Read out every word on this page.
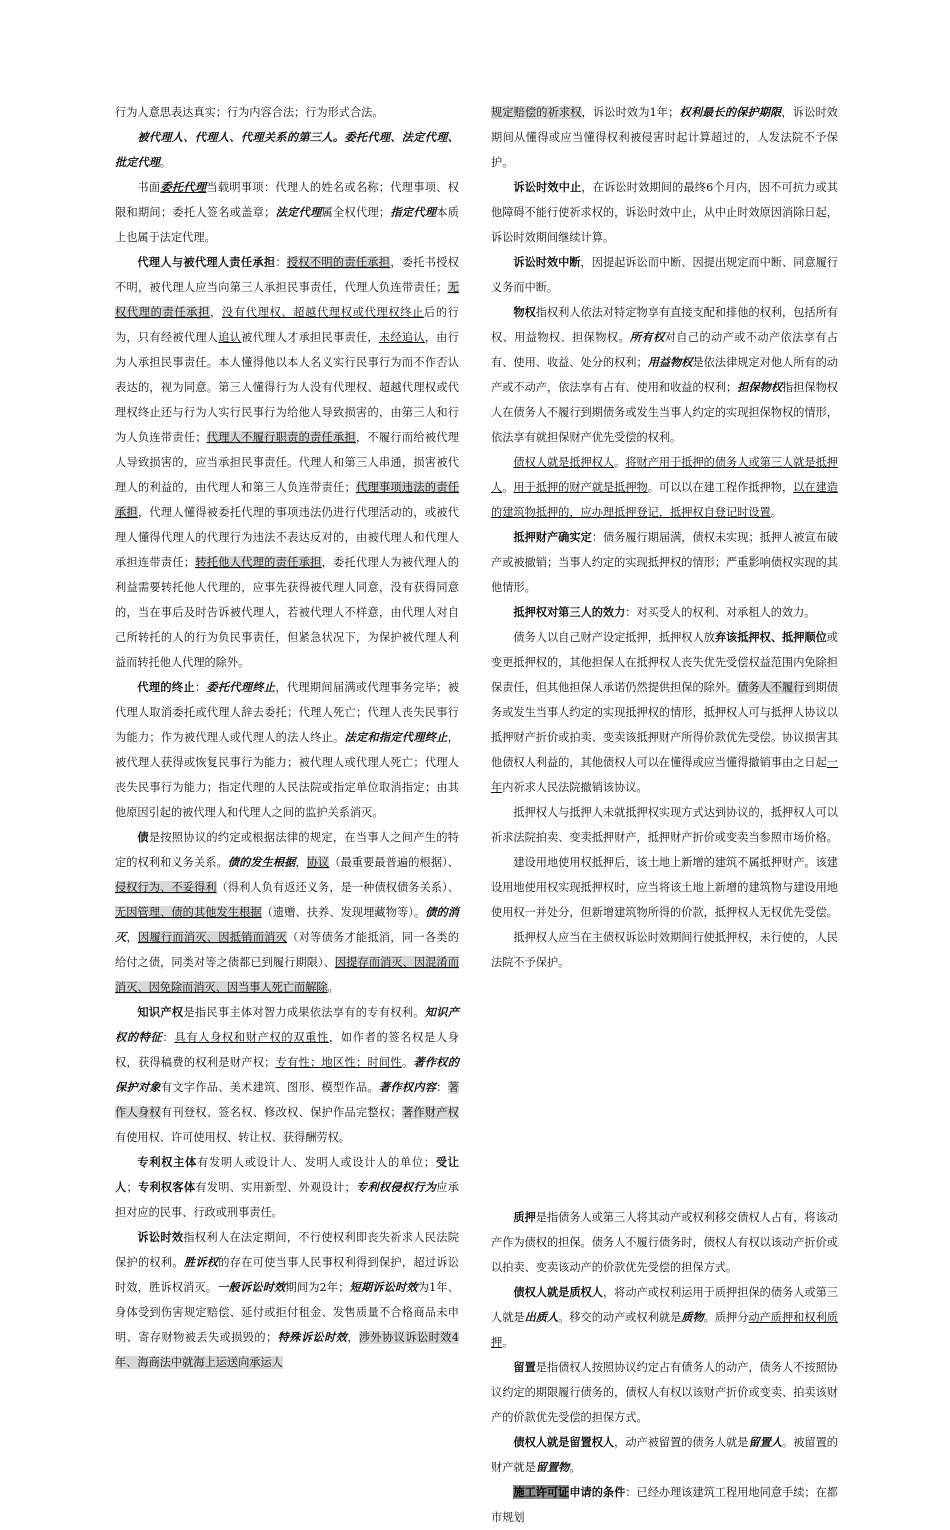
行为人意思表达真实；行为内容合法；行为形式合法。

被代理人、代理人、代理关系的第三人。委托代理、法定代理、批定代理。

书面委托代理当载明事项：代理人的姓名或名称；代理事项、权限和期间；委托人签名或盖章；法定代理属全权代理；指定代理本质上也属于法定代理。

代理人与被代理人责任承担：授权不明的责任承担，委托书授权不明，被代理人应当向第三人承担民事责任，代理人负连带责任；无权代理的责任承担，没有代理权、超越代理权或代理权终止后的行为，只有经被代理人追认被代理人才承担民事责任，未经追认，由行为人承担民事责任。本人懂得他以本人名义实行民事行为而不作否认表达的，视为同意。第三人懂得行为人没有代理权、超越代理权或代理权终止还与行为人实行民事行为给他人导致损害的，由第三人和行为人负连带责任；代理人不履行职责的责任承担，不履行而给被代理人导致损害的，应当承担民事责任。代理人和第三人串通，损害被代理人的利益的，由代理人和第三人负连带责任；代理事项违法的责任承担，代理人懂得被委托代理的事项违法仍进行代理活动的，或被代理人懂得代理人的代理行为违法不表达反对的，由被代理人和代理人承担连带责任；转托他人代理的责任承担，委托代理人为被代理人的利益需要转托他人代理的，应事先获得被代理人同意，没有获得同意的，当在事后及时告诉被代理人，若被代理人不样意，由代理人对自己所转托的人的行为负民事责任，但紧急状况下，为保护被代理人利益而转托他人代理的除外。

代理的终止：委托代理终止，代理期间届满或代理事务完毕；被代理人取消委托或代理人辞去委托；代理人死亡；代理人丧失民事行为能力；作为被代理人或代理人的法人终止。法定和指定代理终止，被代理人获得或恢复民事行为能力；被代理人或代理人死亡；代理人丧失民事行为能力；指定代理的人民法院或指定单位取消指定；由其他原因引起的被代理人和代理人之间的监护关系消灭。

债是按照协议的约定或根据法律的规定，在当事人之间产生的特定的权利和义务关系。债的发生根据，协议（最重要最普遍的根据）、侵权行为、不妥得利（得利人负有返还义务，是一种债权债务关系）、无因管理、债的其他发生根据（遗赠、扶养、发现埋藏物等）。债的消灭，因履行而消灭、因抵销而消灭（对等债务才能抵消，同一各类的给付之债，同类对等之债都已到履行期限）、因提存而消灭、因混淆而消灭、因免除而消灭、因当事人死亡而解除。

知识产权是指民事主体对智力成果依法享有的专有权利。知识产权的特征：具有人身权和财产权的双重性，如作者的签名权是人身权，获得稿费的权利是财产权；专有性；地区性；时间性。著作权的保护对象有文字作品、美术建筑、图形、模型作品。著作权内容：著作人身权有刊登权、签名权、修改权、保护作品完整权；著作财产权有使用权、许可使用权、转让权、获得酬劳权。

专利权主体有发明人或设计人、发明人或设计人的单位；受让人；专利权客体有发明、实用新型、外观设计；专利权侵权行为应承担对应的民事、行政或刑事责任。

诉讼时效指权利人在法定期间，不行使权利即丧失祈求人民法院保护的权利。胜诉权的存在可使当事人民事权利得到保护，超过诉讼时效，胜诉权消灭。一般诉讼时效期间为2年；短期诉讼时效为1年、身体受到伤害规定赔偿、延付或拒付租金、发售质量不合格商品未申明、寄存财物被丢失或损毁的；特殊诉讼时效，涉外协议诉讼时效4年、海商法中就海上运送向承运人

规定赔偿的祈求权，诉讼时效为1年；权利最长的保护期限，诉讼时效期间从懂得或应当懂得权利被侵害时起计算超过的，人发法院不予保护。

诉讼时效中止，在诉讼时效期间的最终6个月内，因不可抗力或其他障碍不能行使祈求权的，诉讼时效中止，从中止时效原因消除日起，诉讼时效期间继续计算。

诉讼时效中断，因提起诉讼而中断、因提出规定而中断、同意履行义务而中断。

物权指权利人依法对特定物享有直接支配和排他的权利，包括所有权、用益物权、担保物权。所有权对自己的动产或不动产依法享有占有、使用、收益、处分的权利；用益物权是依法律规定对他人所有的动产或不动产，依法享有占有、使用和收益的权利；担保物权指担保物权人在债务人不履行到期债务或发生当事人约定的实现担保物权的情形，依法享有就担保财产优先受偿的权利。

债权人就是抵押权人。将财产用于抵押的债务人或第三人就是抵押人。用于抵押的财产就是抵押物。可以以在建工程作抵押物，以在建造的建筑物抵押的，应办理抵押登记，抵押权自登记时设置。

抵押财产确实定：债务履行期届满，债权未实现；抵押人被宣布破产或被撤销；当事人约定的实现抵押权的情形；严重影响债权实现的其他情形。

抵押权对第三人的效力：对买受人的权利、对承租人的效力。

债务人以自己财产设定抵押，抵押权人放弃该抵押权、抵押顺位或变更抵押权的，其他担保人在抵押权人丧失优先受偿权益范围内免除担保责任，但其他担保人承诺仍然提供担保的除外。债务人不履行到期债务或发生当事人约定的实现抵押权的情形，抵押权人可与抵押人协议以抵押财产折价或拍卖、变卖该抵押财产所得价款优先受偿。协议损害其他债权人利益的，其他债权人可以在懂得或应当懂得撤销事由之日起一年内祈求人民法院撤销该协议。

抵押权人与抵押人未就抵押权实现方式达到协议的，抵押权人可以祈求法院拍卖、变卖抵押财产，抵押财产折价或变卖当参照市场价格。

建设用地使用权抵押后，该土地上新增的建筑不属抵押财产。该建设用地使用权实现抵押权时，应当将该土地上新增的建筑物与建设用地使用权一并处分，但新增建筑物所得的价款，抵押权人无权优先受偿。

抵押权人应当在主债权诉讼时效期间行使抵押权，未行使的，人民法院不予保护。

质押是指债务人或第三人将其动产或权利移交债权人占有，将该动产作为债权的担保。债务人不履行债务时，债权人有权以该动产折价或以拍卖、变卖该动产的价款优先受偿的担保方式。

债权人就是质权人，将动产或权利运用于质押担保的债务人或第三人就是出质人。移交的动产或权利就是质物。质押分动产质押和权利质押。

留置是指债权人按照协议约定占有债务人的动产，债务人不按照协议约定的期限履行债务的，债权人有权以该财产折价或变卖、拍卖该财产的价款优先受偿的担保方式。

债权人就是留置权人，动产被留置的债务人就是留置人。被留置的财产就是留置物。

施工许可证申请的条件：已经办理该建筑工程用地同意手续；在都市规划
